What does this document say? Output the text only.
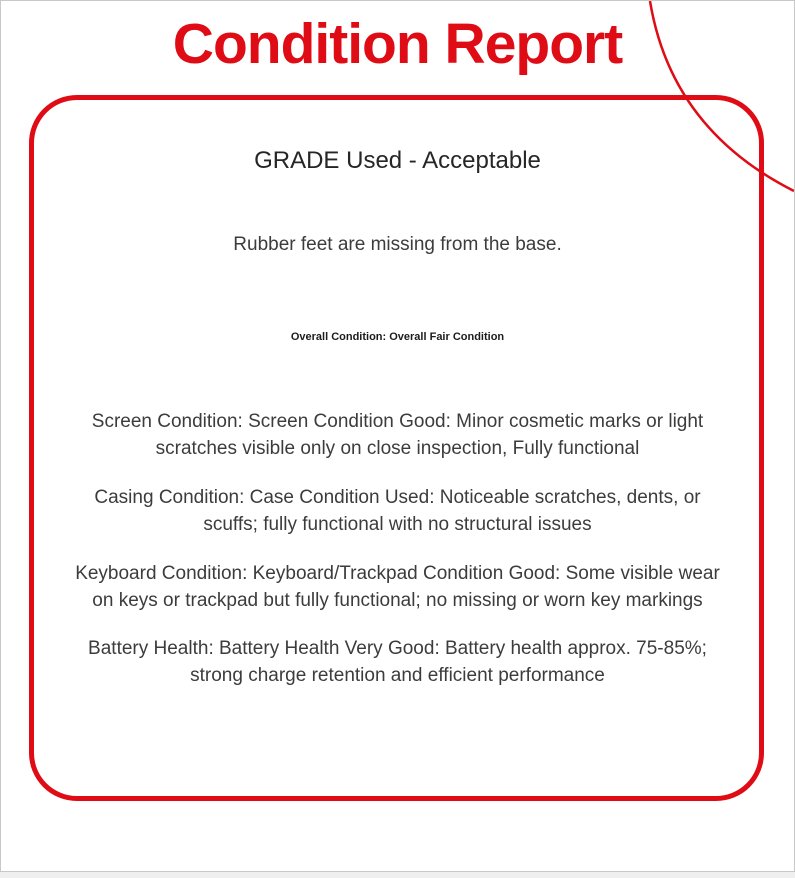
Condition Report
GRADE Used - Acceptable
Rubber feet are missing from the base.
Overall Condition: Overall Fair Condition
Screen Condition: Screen Condition Good: Minor cosmetic marks or light
scratches visible only on close inspection, Fully functional
Casing Condition: Case Condition Used: Noticeable scratches, dents, or
scuffs; fully functional with no structural issues
Keyboard Condition: Keyboard/Trackpad Condition Good: Some visible wear
on keys or trackpad but fully functional; no missing or worn key markings
Battery Health: Battery Health Very Good: Battery health approx. 75-85%;
strong charge retention and efficient performance
